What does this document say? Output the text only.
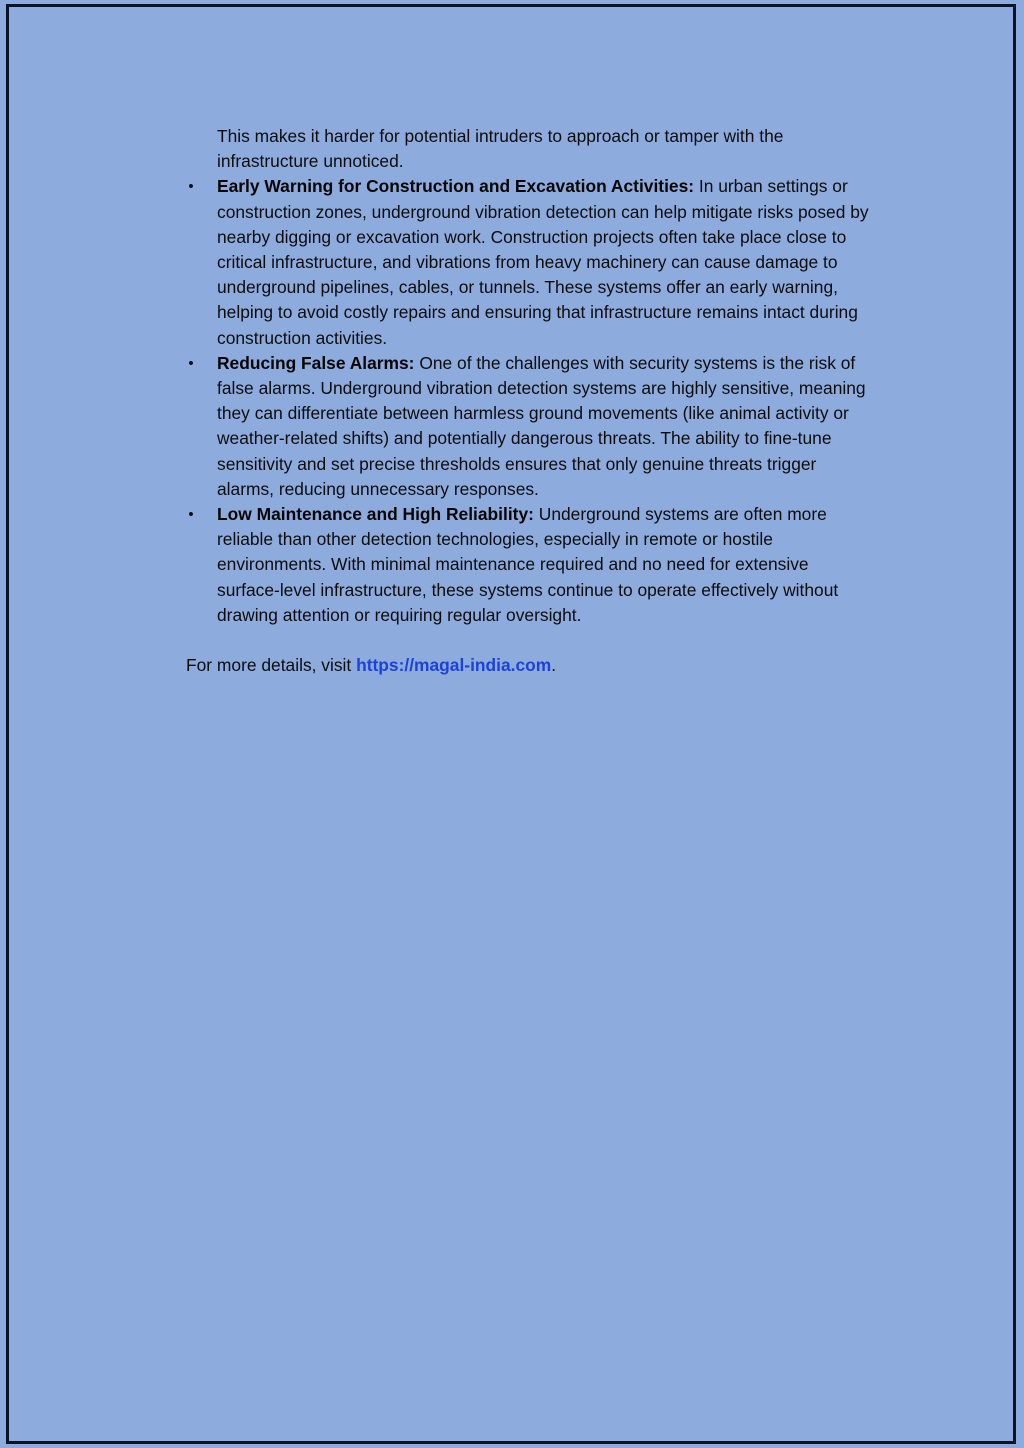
This makes it harder for potential intruders to approach or tamper with the infrastructure unnoticed.

• Early Warning for Construction and Excavation Activities: In urban settings or construction zones, underground vibration detection can help mitigate risks posed by nearby digging or excavation work. Construction projects often take place close to critical infrastructure, and vibrations from heavy machinery can cause damage to underground pipelines, cables, or tunnels. These systems offer an early warning, helping to avoid costly repairs and ensuring that infrastructure remains intact during construction activities.
• Reducing False Alarms: One of the challenges with security systems is the risk of false alarms. Underground vibration detection systems are highly sensitive, meaning they can differentiate between harmless ground movements (like animal activity or weather-related shifts) and potentially dangerous threats. The ability to fine-tune sensitivity and set precise thresholds ensures that only genuine threats trigger alarms, reducing unnecessary responses.
• Low Maintenance and High Reliability: Underground systems are often more reliable than other detection technologies, especially in remote or hostile environments. With minimal maintenance required and no need for extensive surface-level infrastructure, these systems continue to operate effectively without drawing attention or requiring regular oversight.

For more details, visit https://magal-india.com.
